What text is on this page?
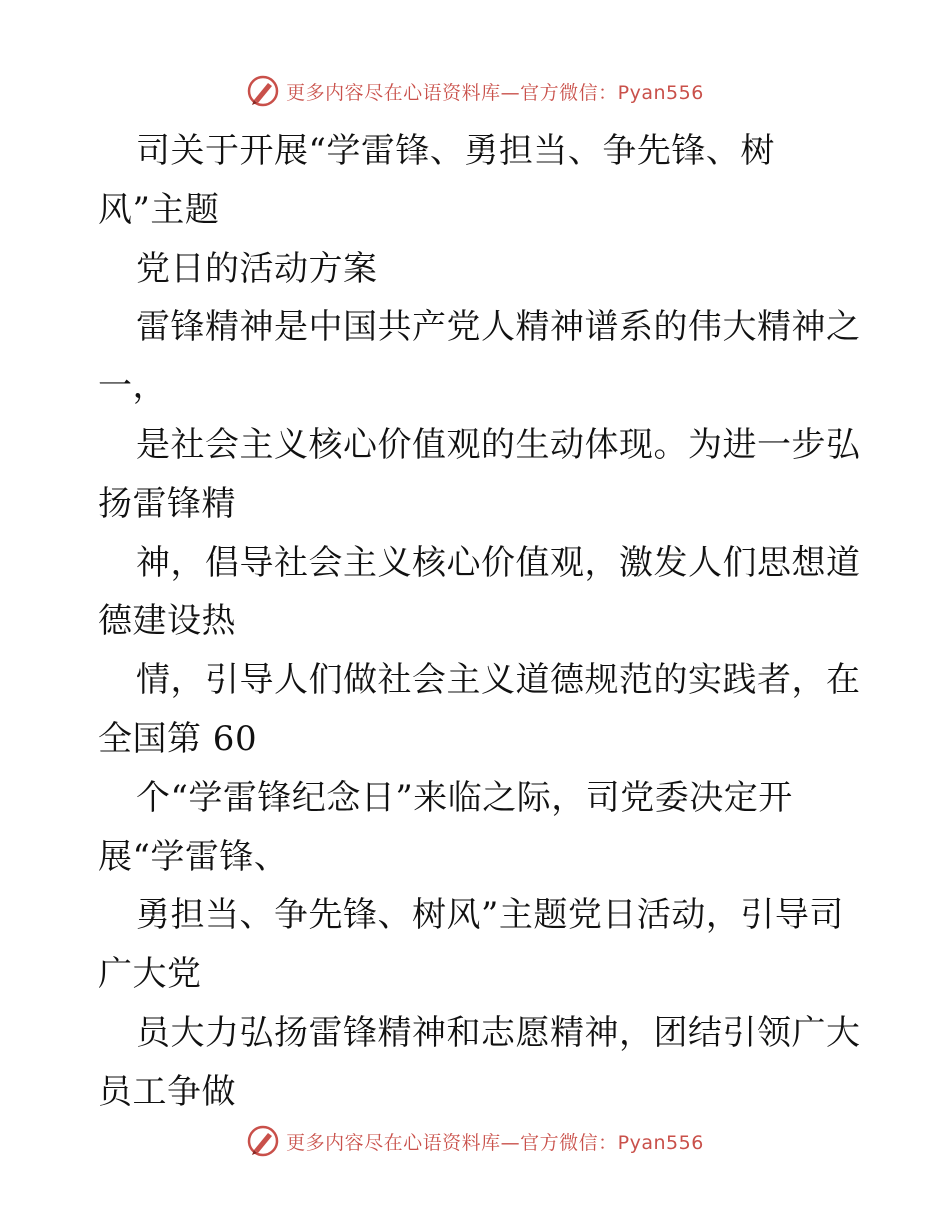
更多内容尽在心语资料库—官方微信：Pyan556
司关于开展“学雷锋、勇担当、争先锋、树
风”主题
党日的活动方案
雷锋精神是中国共产党人精神谱系的伟大精神之
一，
是社会主义核心价值观的生动体现。为进一步弘
扬雷锋精
神，倡导社会主义核心价值观，激发人们思想道
德建设热
情，引导人们做社会主义道德规范的实践者，在
全国第 60
个“学雷锋纪念日”来临之际，司党委决定开
展“学雷锋、
勇担当、争先锋、树风”主题党日活动，引导司
广大党
员大力弘扬雷锋精神和志愿精神，团结引领广大
员工争做
更多内容尽在心语资料库—官方微信：Pyan556
